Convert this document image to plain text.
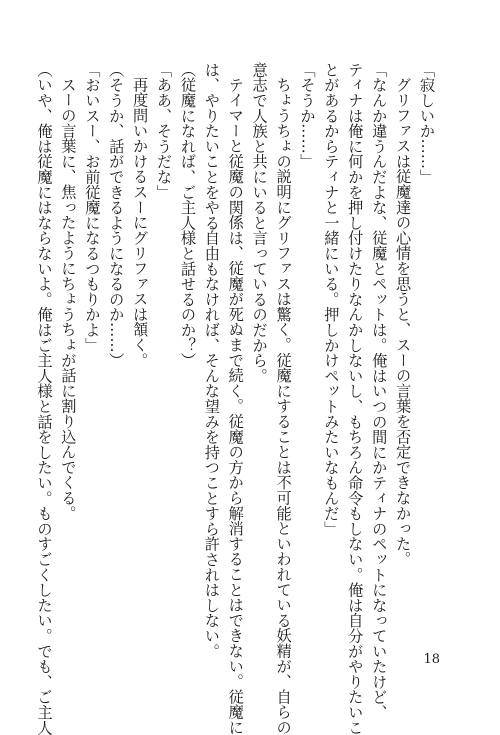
「寂しいか……」
グリファスは従魔達の心情を思うと、スーの言葉を否定できなかった。
「なんか違うんだよな、従魔とペットは。俺はいつの間にかティナのペットになっていたけど、
ティナは俺に何かを押し付けたりなんかしないし、もちろん命令もしない。俺は自分がやりたいこ
とがあるからティナと一緒にいる。押しかけペットみたいなもんだ」
「そうか……」
ちょうちょの説明にグリファスは驚く。従魔にすることは不可能といわれている妖精が、自らの
意志で人族と共にいると言っているのだから。
テイマーと従魔の関係は、従魔が死ぬまで続く。従魔の方から解消することはできない。従魔に
は、やりたいことをやる自由もなければ、そんな望みを持つことすら許されはしない。
（従魔になれば、ご主人様と話せるのか？）
「ああ、そうだな」
再度問いかけるスーにグリファスは頷く。
（そうか、話ができるようになるのか……）
「おいスー、お前従魔になるつもりかよ」
スーの言葉に、焦ったようにちょうちょが話に割り込んでくる。
（いや、俺は従魔にはならないよ。俺はご主人様と話をしたい。ものすごくしたい。でも、ご主人	18
